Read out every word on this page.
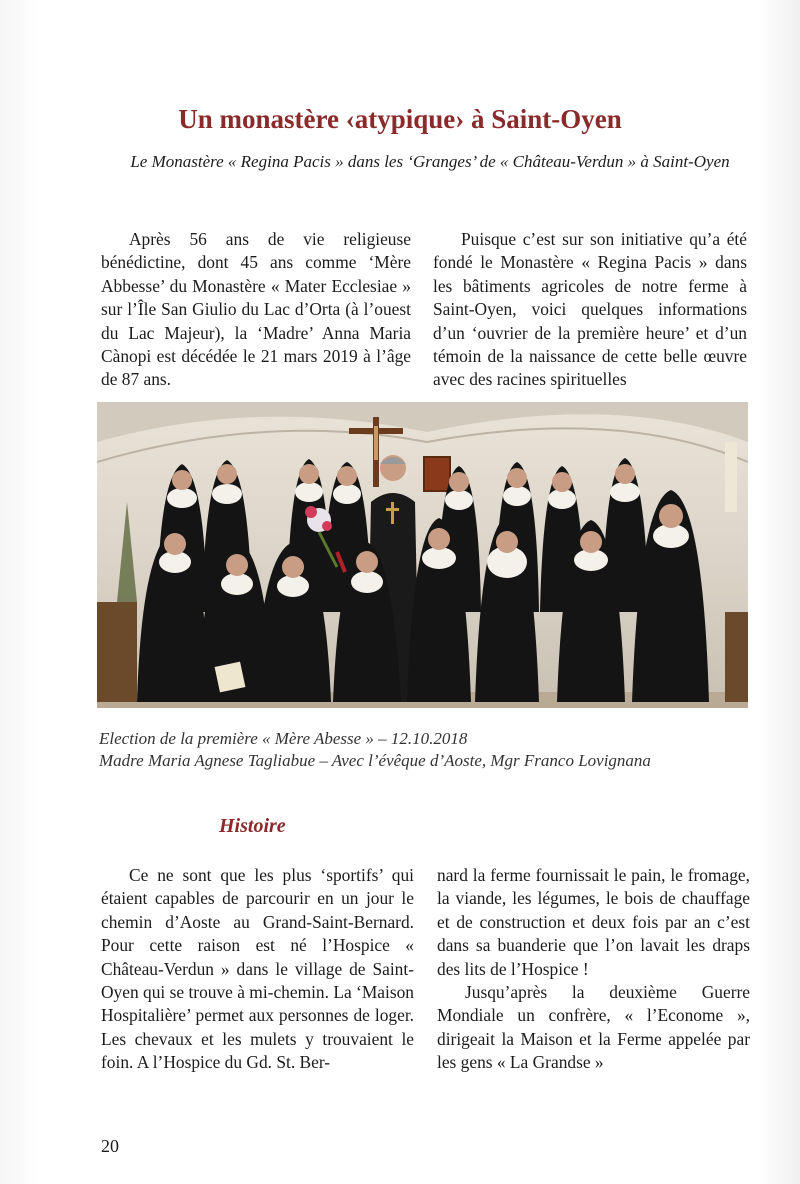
Un monastère ‹atypique› à Saint-Oyen
Le Monastère « Regina Pacis » dans les ‘Granges’ de « Château-Verdun » à Saint-Oyen

Après 56 ans de vie religieuse bénédictine, dont 45 ans comme ‘Mère Abbesse’ du Monastère « Mater Ecclesiae » sur l’Île San Giulio du Lac d’Orta (à l’ouest du Lac Majeur), la ‘Madre’ Anna Maria Cànopi est décédée le 21 mars 2019 à l’âge de 87 ans.

Puisque c’est sur son initiative qu’a été fondé le Monastère « Regina Pacis » dans les bâtiments agricoles de notre ferme à Saint-Oyen, voici quelques informations d’un ‘ouvrier de la première heure’ et d’un témoin de la naissance de cette belle œuvre avec des racines spirituelles

Election de la première « Mère Abesse » – 12.10.2018
Madre Maria Agnese Tagliabue – Avec l’évêque d’Aoste, Mgr Franco Lovignana
Histoire

Ce ne sont que les plus ‘sportifs’ qui étaient capables de parcourir en un jour le chemin d’Aoste au Grand-Saint-Bernard. Pour cette raison est né l’Hospice « Château-Verdun » dans le village de Saint-Oyen qui se trouve à mi-chemin. La ‘Maison Hospitalière’ permet aux personnes de loger. Les chevaux et les mulets y trouvaient le foin. A l’Hospice du Gd. St. Ber-

nard la ferme fournissait le pain, le fromage, la viande, les légumes, le bois de chauffage et de construction et deux fois par an c’est dans sa buanderie que l’on lavait les draps des lits de l’Hospice !

Jusqu’après la deuxième Guerre Mondiale un confrère, « l’Econome », dirigeait la Maison et la Ferme appelée par les gens « La Grandse »

20
